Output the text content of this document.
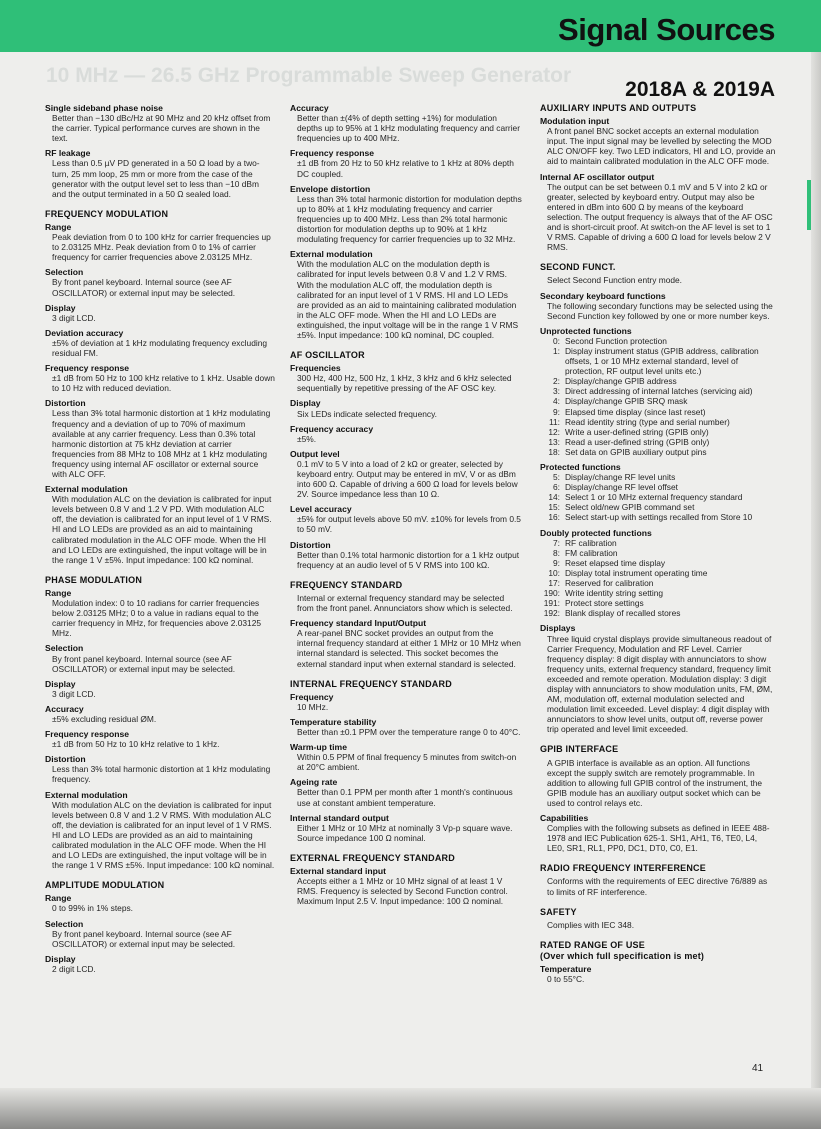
Signal Sources
10 MHz — 26.5 GHz Programmable Sweep Generator
2018A & 2019A
Single sideband phase noise
Better than −130 dBc/Hz at 90 MHz and 20 kHz offset from the carrier. Typical performance curves are shown in the text.
RF leakage
Less than 0.5 µV PD generated in a 50 Ω load by a two-turn, 25 mm loop, 25 mm or more from the case of the generator with the output level set to less than −10 dBm and the output terminated in a 50 Ω sealed load.
FREQUENCY MODULATION
Range
Peak deviation from 0 to 100 kHz for carrier frequencies up to 2.03125 MHz. Peak deviation from 0 to 1% of carrier frequency for carrier frequencies above 2.03125 MHz.
Selection
By front panel keyboard. Internal source (see AF OSCILLATOR) or external input may be selected.
Display
3 digit LCD.
Deviation accuracy
±5% of deviation at 1 kHz modulating frequency excluding residual FM.
Frequency response
±1 dB from 50 Hz to 100 kHz relative to 1 kHz. Usable down to 10 Hz with reduced deviation.
Distortion
Less than 3% total harmonic distortion at 1 kHz modulating frequency and a deviation of up to 70% of maximum available at any carrier frequency. Less than 0.3% total harmonic distortion at 75 kHz deviation at carrier frequencies from 88 MHz to 108 MHz at 1 kHz modulating frequency using internal AF oscillator or external source with ALC OFF.
External modulation
With modulation ALC on the deviation is calibrated for input levels between 0.8 V and 1.2 V PD. With modulation ALC off, the deviation is calibrated for an input level of 1 V RMS. HI and LO LEDs are provided as an aid to maintaining calibrated modulation in the ALC OFF mode. When the HI and LO LEDs are extinguished, the input voltage will be in the range 1 V ±5%. Input impedance: 100 kΩ nominal.
PHASE MODULATION
Range
Modulation index: 0 to 10 radians for carrier frequencies below 2.03125 MHz; 0 to a value in radians equal to the carrier frequency in MHz, for frequencies above 2.03125 MHz.
Selection
By front panel keyboard. Internal source (see AF OSCILLATOR) or external input may be selected.
Display
3 digit LCD.
Accuracy
±5% excluding residual ØM.
Frequency response
±1 dB from 50 Hz to 10 kHz relative to 1 kHz.
Distortion
Less than 3% total harmonic distortion at 1 kHz modulating frequency.
External modulation
With modulation ALC on the deviation is calibrated for input levels between 0.8 V and 1.2 V RMS. With modulation ALC off, the deviation is calibrated for an input level of 1 V RMS. HI and LO LEDs are provided as an aid to maintaining calibrated modulation in the ALC OFF mode. When the HI and LO LEDs are extinguished, the input voltage will be in the range 1 V RMS ±5%. Input impedance: 100 kΩ nominal.
AMPLITUDE MODULATION
Range
0 to 99% in 1% steps.
Selection
By front panel keyboard. Internal source (see AF OSCILLATOR) or external input may be selected.
Display
2 digit LCD.
Accuracy
Better than ±(4% of depth setting +1%) for modulation depths up to 95% at 1 kHz modulating frequency and carrier frequencies up to 400 MHz.
Frequency response
±1 dB from 20 Hz to 50 kHz relative to 1 kHz at 80% depth DC coupled.
Envelope distortion
Less than 3% total harmonic distortion for modulation depths up to 80% at 1 kHz modulating frequency and carrier frequencies up to 400 MHz. Less than 2% total harmonic distortion for modulation depths up to 90% at 1 kHz modulating frequency for carrier frequencies up to 32 MHz.
External modulation
With the modulation ALC on the modulation depth is calibrated for input levels between 0.8 V and 1.2 V RMS. With the modulation ALC off, the modulation depth is calibrated for an input level of 1 V RMS. HI and LO LEDs are provided as an aid to maintaining calibrated modulation in the ALC OFF mode. When the HI and LO LEDs are extinguished, the input voltage will be in the range 1 V RMS ±5%. Input impedance: 100 kΩ nominal, DC coupled.
AF OSCILLATOR
Frequencies
300 Hz, 400 Hz, 500 Hz, 1 kHz, 3 kHz and 6 kHz selected sequentially by repetitive pressing of the AF OSC key.
Display
Six LEDs indicate selected frequency.
Frequency accuracy
±5%.
Output level
0.1 mV to 5 V into a load of 2 kΩ or greater, selected by keyboard entry. Output may be entered in mV, V or as dBm into 600 Ω. Capable of driving a 600 Ω load for levels below 2V. Source impedance less than 10 Ω.
Level accuracy
±5% for output levels above 50 mV. ±10% for levels from 0.5 to 50 mV.
Distortion
Better than 0.1% total harmonic distortion for a 1 kHz output frequency at an audio level of 5 V RMS into 100 kΩ.
FREQUENCY STANDARD
Internal or external frequency standard may be selected from the front panel. Annunciators show which is selected.
Frequency standard Input/Output
A rear-panel BNC socket provides an output from the internal frequency standard at either 1 MHz or 10 MHz when internal standard is selected. This socket becomes the external standard input when external standard is selected.
INTERNAL FREQUENCY STANDARD
Frequency
10 MHz.
Temperature stability
Better than ±0.1 PPM over the temperature range 0 to 40°C.
Warm-up time
Within 0.5 PPM of final frequency 5 minutes from switch-on at 20°C ambient.
Ageing rate
Better than 0.1 PPM per month after 1 month's continuous use at constant ambient temperature.
Internal standard output
Either 1 MHz or 10 MHz at nominally 3 Vp-p square wave. Source impedance 100 Ω nominal.
EXTERNAL FREQUENCY STANDARD
External standard input
Accepts either a 1 MHz or 10 MHz signal of at least 1 V RMS. Frequency is selected by Second Function control. Maximum Input 2.5 V. Input impedance: 100 Ω nominal.
AUXILIARY INPUTS AND OUTPUTS
Modulation input
A front panel BNC socket accepts an external modulation input. The input signal may be levelled by selecting the MOD ALC ON/OFF key. Two LED indicators, HI and LO, provide an aid to maintain calibrated modulation in the ALC OFF mode.
Internal AF oscillator output
The output can be set between 0.1 mV and 5 V into 2 kΩ or greater, selected by keyboard entry. Output may also be entered in dBm into 600 Ω by means of the keyboard selection. The output frequency is always that of the AF OSC and is short-circuit proof. At switch-on the AF level is set to 1 V RMS. Capable of driving a 600 Ω load for levels below 2 V RMS.
SECOND FUNCT.
Select Second Function entry mode.
Secondary keyboard functions
The following secondary functions may be selected using the Second Function key followed by one or more number keys.
Unprotected functions
0: Second Function protection
1: Display instrument status (GPIB address, calibration offsets, 1 or 10 MHz external standard, level of protection, RF output level units etc.)
2: Display/change GPIB address
3: Direct addressing of internal latches (servicing aid)
4: Display/change GPIB SRQ mask
9: Elapsed time display (since last reset)
11: Read identity string (type and serial number)
12: Write a user-defined string (GPIB only)
13: Read a user-defined string (GPIB only)
18: Set data on GPIB auxiliary output pins
Protected functions
5: Display/change RF level units
6: Display/change RF level offset
14: Select 1 or 10 MHz external frequency standard
15: Select old/new GPIB command set
16: Select start-up with settings recalled from Store 10
Doubly protected functions
7: RF calibration
8: FM calibration
9: Reset elapsed time display
10: Display total instrument operating time
17: Reserved for calibration
190: Write identity string setting
191: Protect store settings
192: Blank display of recalled stores
Displays
Three liquid crystal displays provide simultaneous readout of Carrier Frequency, Modulation and RF Level. Carrier frequency display: 8 digit display with annunciators to show frequency units, external frequency standard, frequency limit exceeded and remote operation. Modulation display: 3 digit display with annunciators to show modulation units, FM, ØM, AM, modulation off, external modulation selected and modulation limit exceeded. Level display: 4 digit display with annunciators to show level units, output off, reverse power trip operated and level limit exceeded.
GPIB INTERFACE
A GPIB interface is available as an option. All functions except the supply switch are remotely programmable. In addition to allowing full GPIB control of the instrument, the GPIB module has an auxiliary output socket which can be used to control relays etc.
Capabilities
Complies with the following subsets as defined in IEEE 488-1978 and IEC Publication 625-1. SH1, AH1, T6, TE0, L4, LE0, SR1, RL1, PP0, DC1, DT0, C0, E1.
RADIO FREQUENCY INTERFERENCE
Conforms with the requirements of EEC directive 76/889 as to limits of RF interference.
SAFETY
Complies with IEC 348.
RATED RANGE OF USE
(Over which full specification is met)
Temperature
0 to 55°C.
41
